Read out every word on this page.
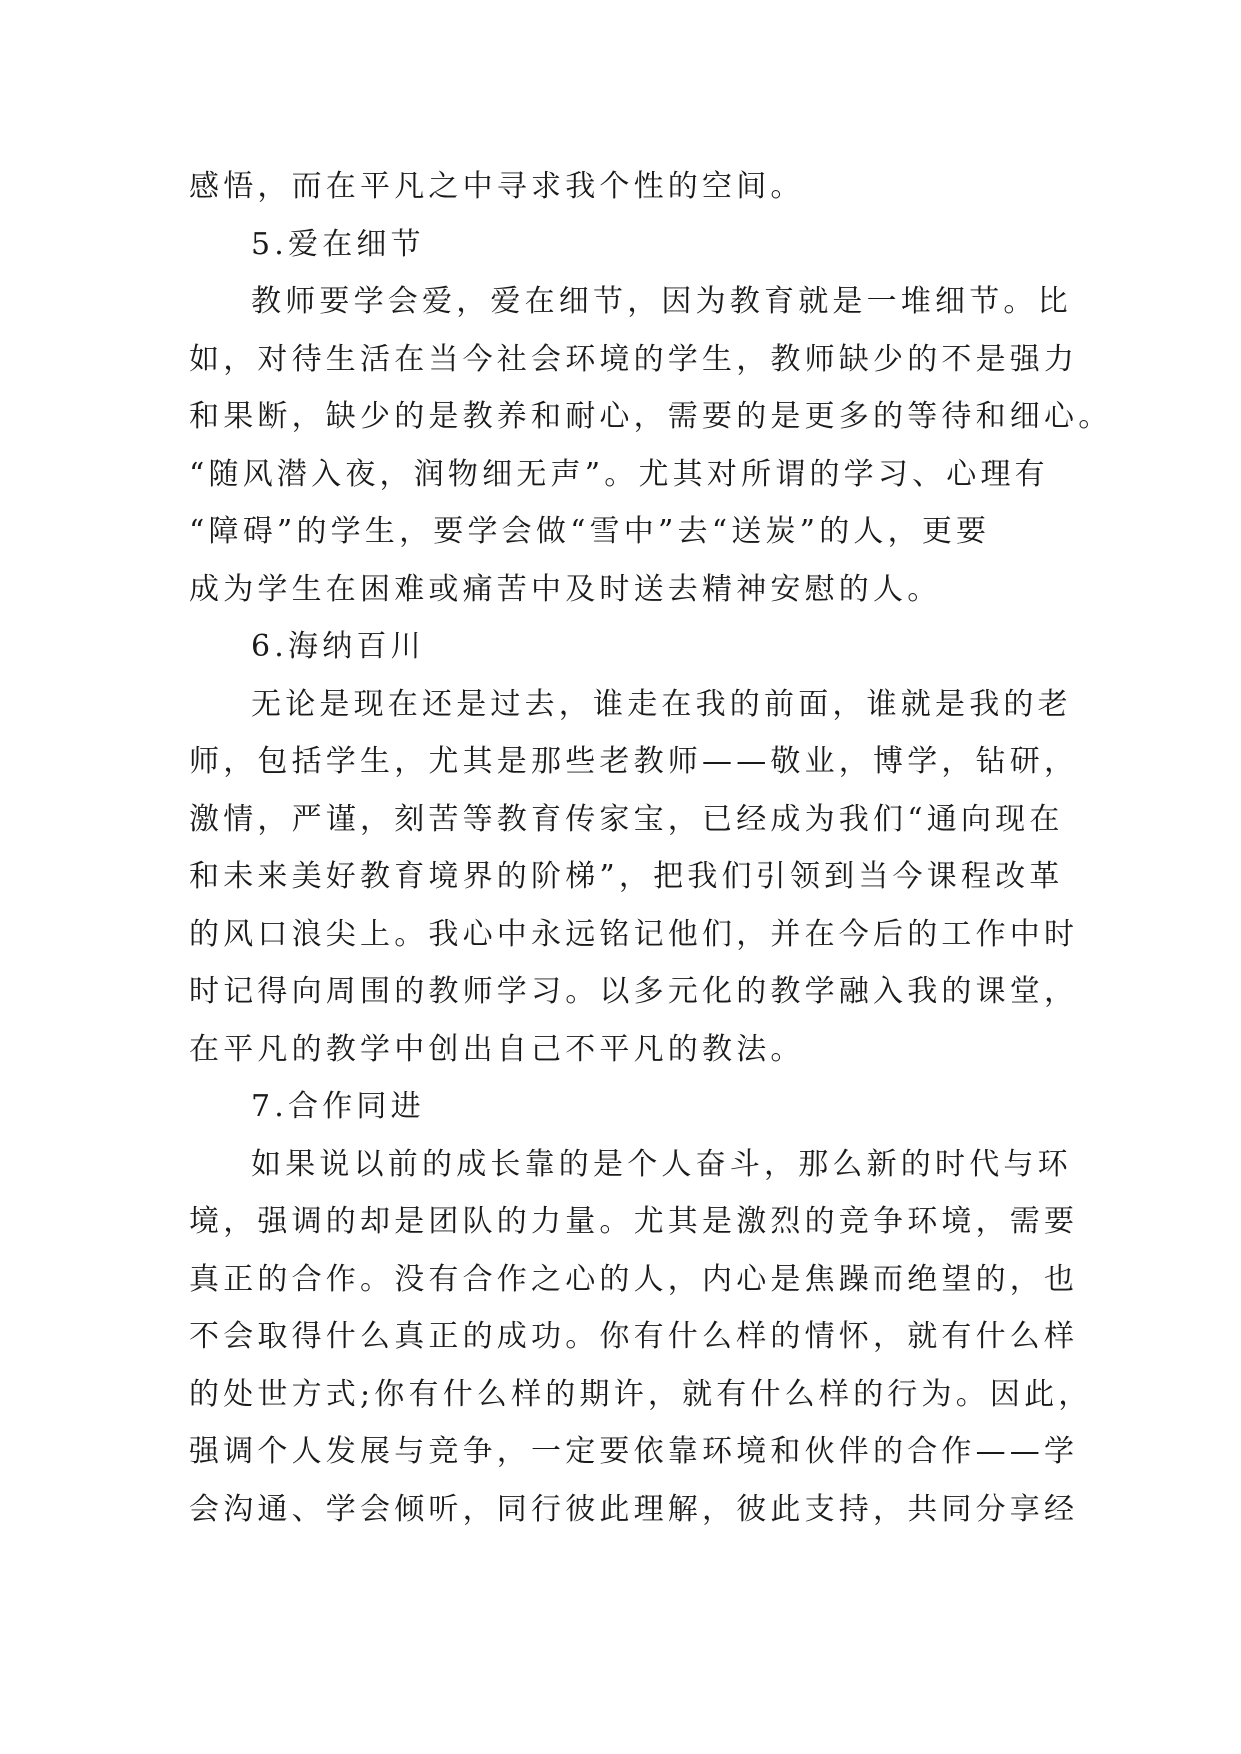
感悟，而在平凡之中寻求我个性的空间。
5.爱在细节
教师要学会爱，爱在细节，因为教育就是一堆细节。比
如，对待生活在当今社会环境的学生，教师缺少的不是强力
和果断，缺少的是教养和耐心，需要的是更多的等待和细心。
“随风潜入夜，润物细无声”。尤其对所谓的学习、心理有
“障碍”的学生，要学会做“雪中”去“送炭”的人，更要
成为学生在困难或痛苦中及时送去精神安慰的人。
6.海纳百川
无论是现在还是过去，谁走在我的前面，谁就是我的老
师，包括学生，尤其是那些老教师——敬业，博学，钻研，
激情，严谨，刻苦等教育传家宝，已经成为我们“通向现在
和未来美好教育境界的阶梯”，把我们引领到当今课程改革
的风口浪尖上。我心中永远铭记他们，并在今后的工作中时
时记得向周围的教师学习。以多元化的教学融入我的课堂，
在平凡的教学中创出自己不平凡的教法。
7.合作同进
如果说以前的成长靠的是个人奋斗，那么新的时代与环
境，强调的却是团队的力量。尤其是激烈的竞争环境，需要
真正的合作。没有合作之心的人，内心是焦躁而绝望的，也
不会取得什么真正的成功。你有什么样的情怀，就有什么样
的处世方式;你有什么样的期许，就有什么样的行为。因此，
强调个人发展与竞争，一定要依靠环境和伙伴的合作——学
会沟通、学会倾听，同行彼此理解，彼此支持，共同分享经
